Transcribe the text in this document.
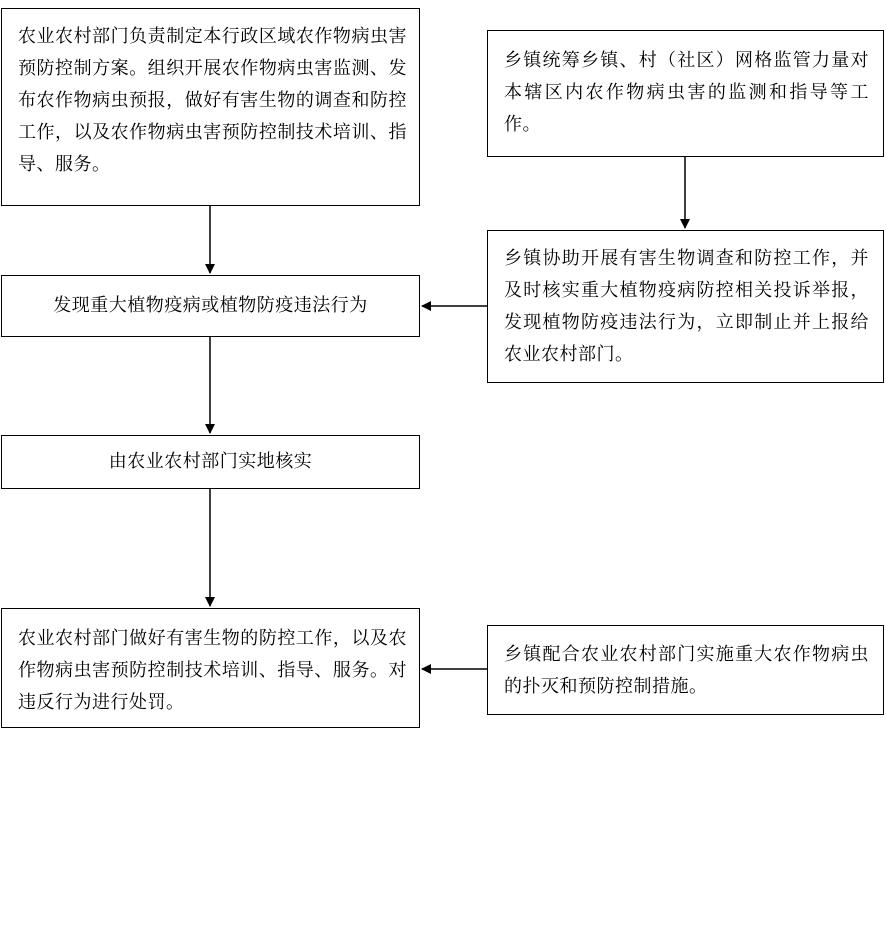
农业农村部门负责制定本行政区域农作物病虫害预防控制方案。组织开展农作物病虫害监测、发布农作物病虫预报，做好有害生物的调查和防控工作，以及农作物病虫害预防控制技术培训、指导、服务。

发现重大植物疫病或植物防疫违法行为
由农业农村部门实地核实

农业农村部门做好有害生物的防控工作，以及农作物病虫害预防控制技术培训、指导、服务。对违反行为进行处罚。

乡镇统筹乡镇、村（社区）网格监管力量对本辖区内农作物病虫害的监测和指导等工作。

乡镇协助开展有害生物调查和防控工作，并及时核实重大植物疫病防控相关投诉举报，发现植物防疫违法行为，立即制止并上报给农业农村部门。

乡镇配合农业农村部门实施重大农作物病虫的扑灭和预防控制措施。
